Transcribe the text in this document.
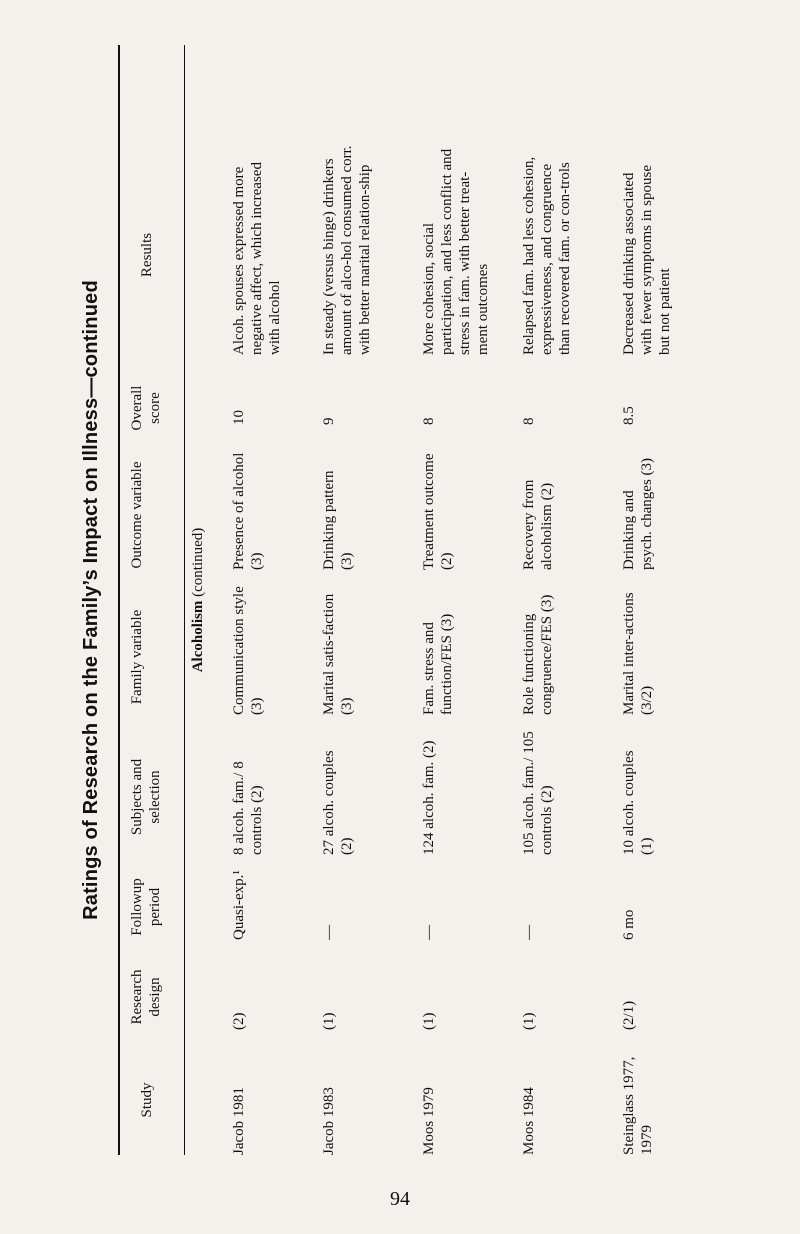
Ratings of Research on the Family’s Impact on Illness—continued
Study
Research design
Followup period
Subjects and selection
Family variable
Outcome variable
Overall score
Results
Alcoholism (continued)
Jacob 1981
(2)
Quasi-exp.¹
8 alcoh. fam./ 8 controls (2)
Communication style (3)
Presence of alcohol (3)
10
Alcoh. spouses expressed more negative affect, which increased with alcohol
Jacob 1983
(1)
—
27 alcoh. couples (2)
Marital satis-faction (3)
Drinking pattern (3)
9
In steady (versus binge) drinkers amount of alco-hol consumed corr. with better marital relation-ship
Moos 1979
(1)
—
124 alcoh. fam. (2)
Fam. stress and function/FES (3)
Treatment outcome (2)
8
More cohesion, social participation, and less conflict and stress in fam. with better treat-ment outcomes
Moos 1984
(1)
—
105 alcoh. fam./ 105 controls (2)
Role functioning congruence/FES (3)
Recovery from alcoholism (2)
8
Relapsed fam. had less cohesion, expressiveness, and congruence than recovered fam. or con-trols
Steinglass 1977, 1979
(2/1)
6 mo
10 alcoh. couples (1)
Marital inter-actions (3/2)
Drinking and psych. changes (3)
8.5
Decreased drinking associated with fewer symptoms in spouse but not patient
94
